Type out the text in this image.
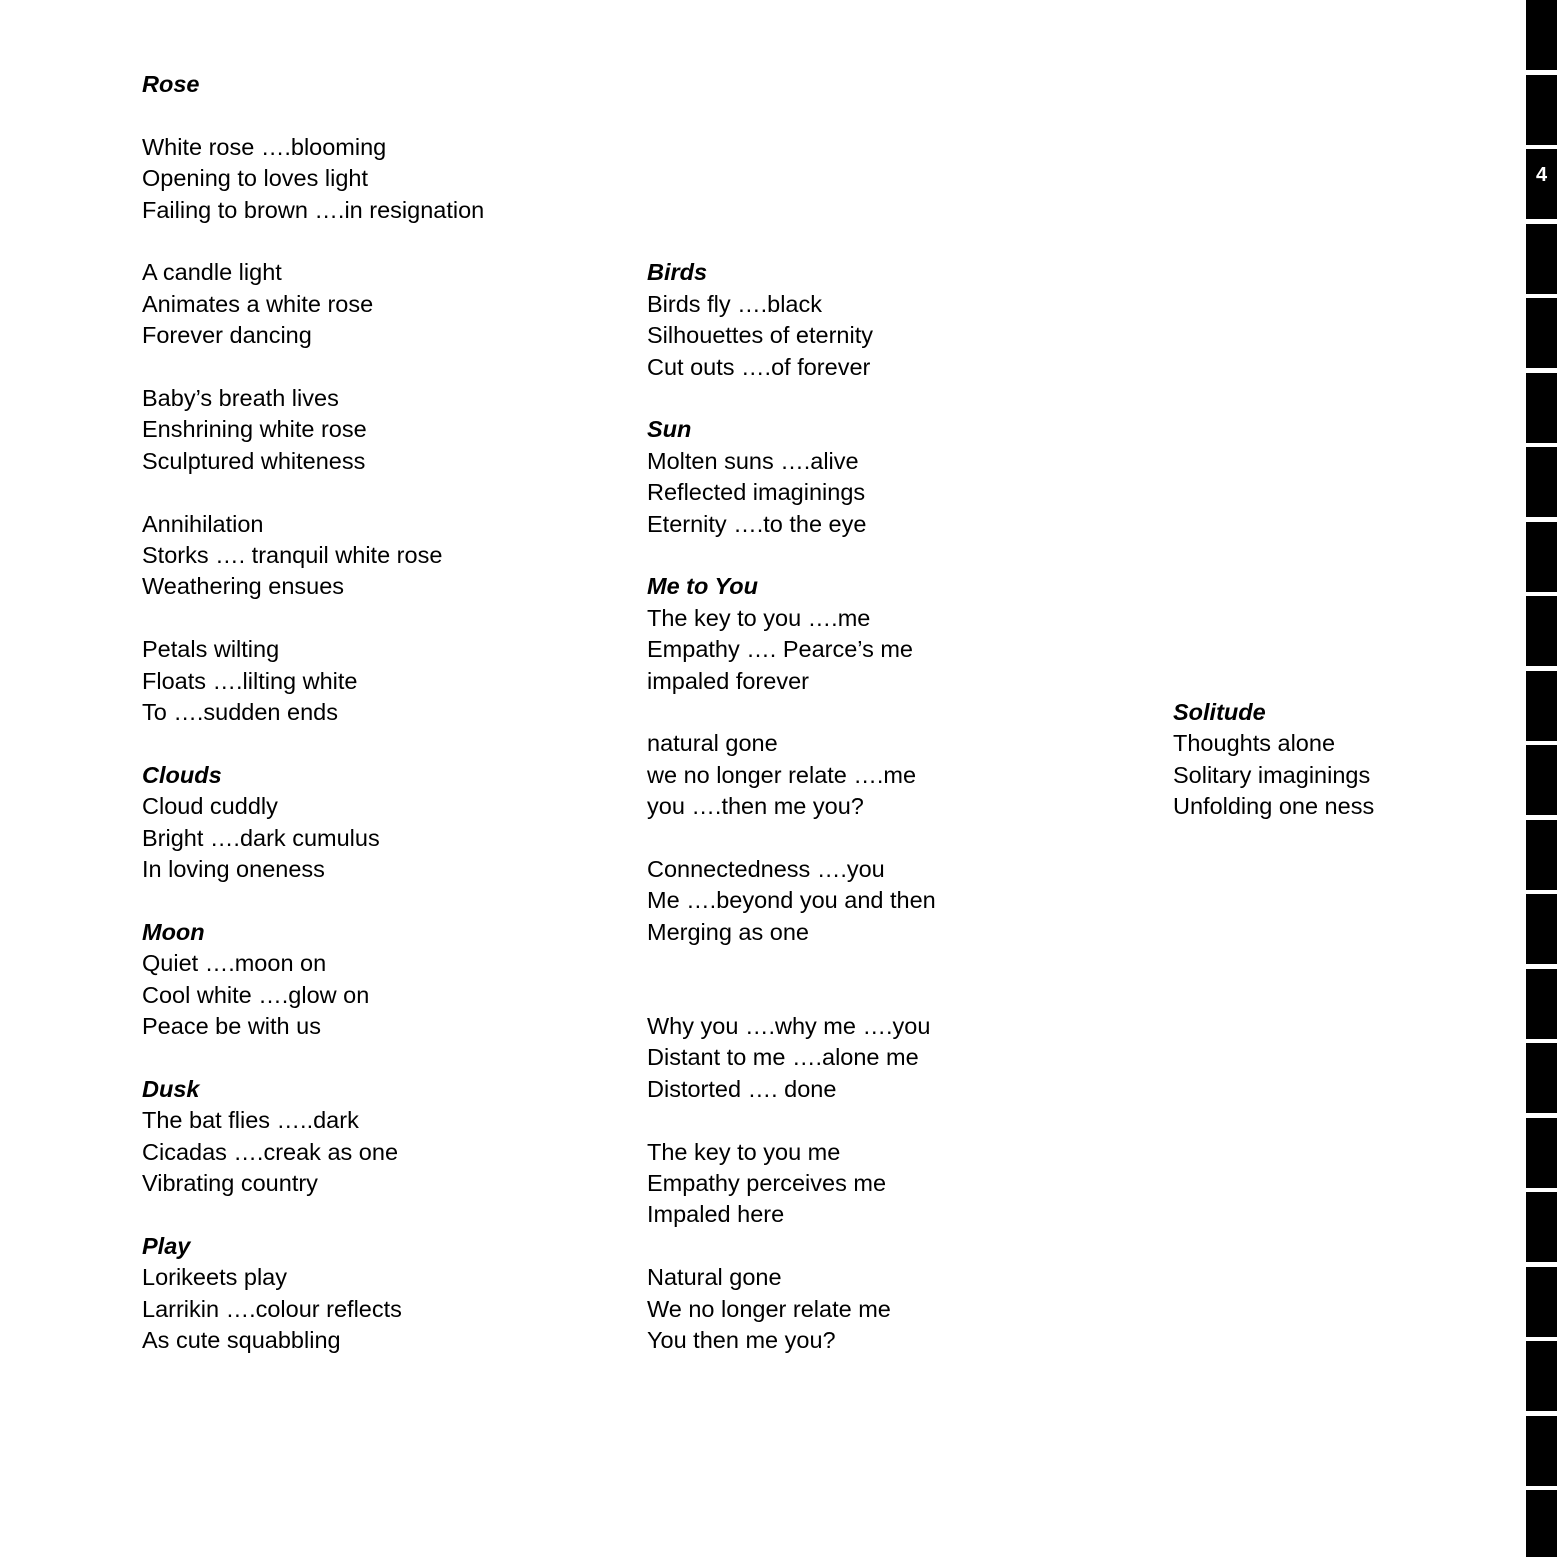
Rose
White rose ….blooming
Opening to loves light
Failing to brown ….in resignation
A candle light
Animates a white rose
Forever dancing
Baby’s breath lives
Enshrining white rose
Sculptured whiteness
Annihilation
Storks …. tranquil white rose
Weathering ensues
Petals wilting
Floats ….lilting white
To ….sudden ends
Clouds
Cloud cuddly
Bright ….dark cumulus
In loving oneness
Moon
Quiet ….moon on
Cool white ….glow on
Peace be with us
Dusk
The bat flies …..dark
Cicadas ….creak as one
Vibrating country
Play
Lorikeets play
Larrikin ….colour reflects
As cute squabbling
Birds
Birds fly ….black
Silhouettes of eternity
Cut outs ….of forever
Sun
Molten suns ….alive
Reflected imaginings
Eternity ….to the eye
Me to You
The key to you ….me
Empathy …. Pearce’s me
impaled forever
natural gone
we no longer relate ….me
you ….then me you?
Connectedness ….you
Me ….beyond you and then
Merging as one
Why you ….why me ….you
Distant to me ….alone me
Distorted …. done
The key to you me
Empathy perceives me
Impaled here
Natural gone
We no longer relate me
You then me you?
Solitude
Thoughts alone
Solitary imaginings
Unfolding one ness
4
